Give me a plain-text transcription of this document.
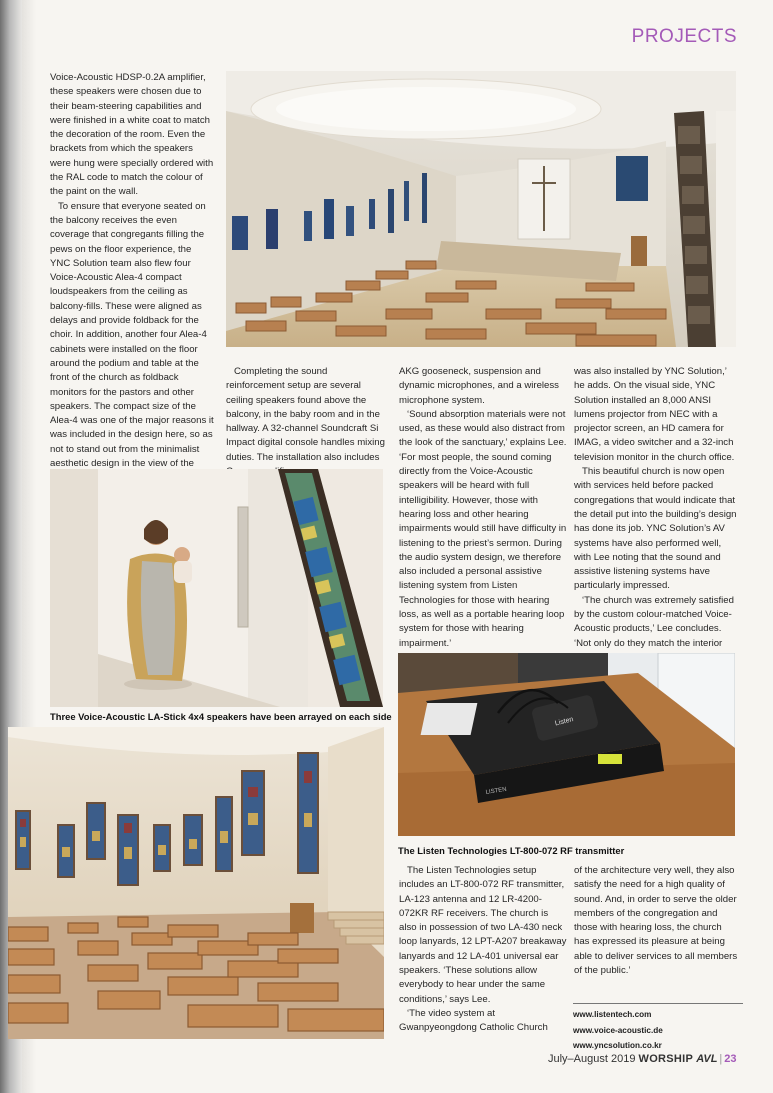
PROJECTS

Voice-Acoustic HDSP-0.2A amplifier, these speakers were chosen due to their beam-steering capabilities and were finished in a white coat to match the decoration of the room. Even the brackets from which the speakers were hung were specially ordered with the RAL code to match the colour of the paint on the wall.

To ensure that everyone seated on the balcony receives the even coverage that congregants filling the pews on the floor experience, the YNC Solution team also flew four Voice-Acoustic Alea-4 compact loudspeakers from the ceiling as balcony-fills. These were aligned as delays and provide foldback for the choir. In addition, another four Alea-4 cabinets were installed on the floor around the podium and table at the front of the church as foldback monitors for the pastors and other speakers. The compact size of the Alea-4 was one of the major reasons it was included in the design here, so as not to stand out from the minimalist aesthetic design in the view of the

Completing the sound reinforcement setup are several ceiling speakers found above the balcony, in the baby room and in the hallway. A 32-channel Soundcraft Si Impact digital console handles mixing duties. The installation also includes

AKG gooseneck, suspension and dynamic microphones, and a wireless microphone system.

‘Sound absorption materials were not used, as these would also distract from the look of the sanctuary,’ explains Lee. ‘For most people, the sound coming directly from the Voice-Acoustic speakers will be heard with full intelligibility. However, those with hearing loss and other hearing impairments would still have difficulty in listening to the priest’s sermon. During the audio system design, we therefore also included a personal assistive listening system from Listen Technologies for those with hearing loss, as well as a portable hearing loop system for those with hearing impairment.’

was also installed by YNC Solution,’ he adds. On the visual side, YNC Solution installed an 8,000 ANSI lumens projector from NEC with a projector screen, an HD camera for IMAG, a video switcher and a 32-inch television monitor in the church office.

This beautiful church is now open with services held before packed congregations that would indicate that the detail put into the building’s design has done its job. YNC Solution’s AV systems have also performed well, with Lee noting that the sound and assistive listening systems have particularly impressed.

‘The church was extremely satisfied by the custom colour-matched Voice-Acoustic products,’ Lee concludes. ‘Not only do they match the interior

Three Voice-Acoustic LA-Stick 4x4 speakers have been arrayed on each side
LISTEN
Listen
The Listen Technologies LT-800-072 RF transmitter

The Listen Technologies setup includes an LT-800-072 RF transmitter, LA-123 antenna and 12 LR-4200-072KR RF receivers. The church is also in possession of two LA-430 neck loop lanyards, 12 LPT-A207 breakaway lanyards and 12 LA-401 universal ear speakers. ‘These solutions allow everybody to hear under the same conditions,’ says Lee.

‘The video system at Gwanpyeongdong Catholic Church

of the architecture very well, they also satisfy the need for a high quality of sound. And, in order to serve the older members of the congregation and those with hearing loss, the church has expressed its pleasure at being able to deliver services to all members of the public.’

www.listentech.com
www.voice-acoustic.de
www.yncsolution.co.kr
July–August 2019 WORSHIP AVL | 23
